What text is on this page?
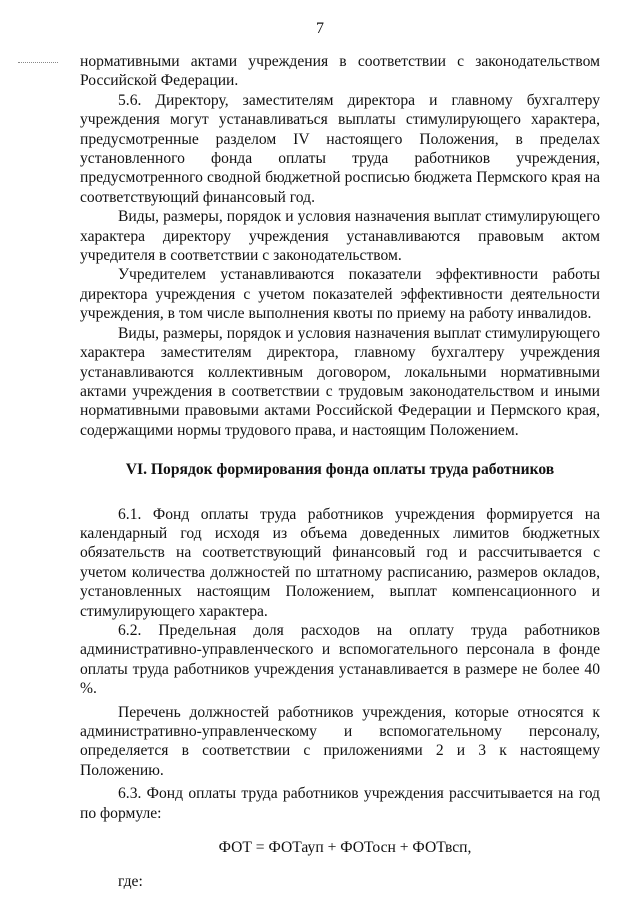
7

нормативными актами учреждения в соответствии с законодательством Российской Федерации.

5.6. Директору, заместителям директора и главному бухгалтеру учреждения могут устанавливаться выплаты стимулирующего характера, предусмотренные разделом IV настоящего Положения, в пределах установленного фонда оплаты труда работников учреждения, предусмотренного сводной бюджетной росписью бюджета Пермского края на соответствующий финансовый год.

Виды, размеры, порядок и условия назначения выплат стимулирующего характера директору учреждения устанавливаются правовым актом учредителя в соответствии с законодательством.

Учредителем устанавливаются показатели эффективности работы директора учреждения с учетом показателей эффективности деятельности учреждения, в том числе выполнения квоты по приему на работу инвалидов.

Виды, размеры, порядок и условия назначения выплат стимулирующего характера заместителям директора, главному бухгалтеру учреждения устанавливаются коллективным договором, локальными нормативными актами учреждения в соответствии с трудовым законодательством и иными нормативными правовыми актами Российской Федерации и Пермского края, содержащими нормы трудового права, и настоящим Положением.

VI. Порядок формирования фонда оплаты труда работников

6.1. Фонд оплаты труда работников учреждения формируется на календарный год исходя из объема доведенных лимитов бюджетных обязательств на соответствующий финансовый год и рассчитывается с учетом количества должностей по штатному расписанию, размеров окладов, установленных настоящим Положением, выплат компенсационного и стимулирующего характера.

6.2. Предельная доля расходов на оплату труда работников административно-управленческого и вспомогательного персонала в фонде оплаты труда работников учреждения устанавливается в размере не более 40 %.

Перечень должностей работников учреждения, которые относятся к административно-управленческому и вспомогательному персоналу, определяется в соответствии с приложениями 2 и 3 к настоящему Положению.

6.3. Фонд оплаты труда работников учреждения рассчитывается на год по формуле:

ФОТ = ФОТауп + ФОТосн + ФОТвсп,

где:
